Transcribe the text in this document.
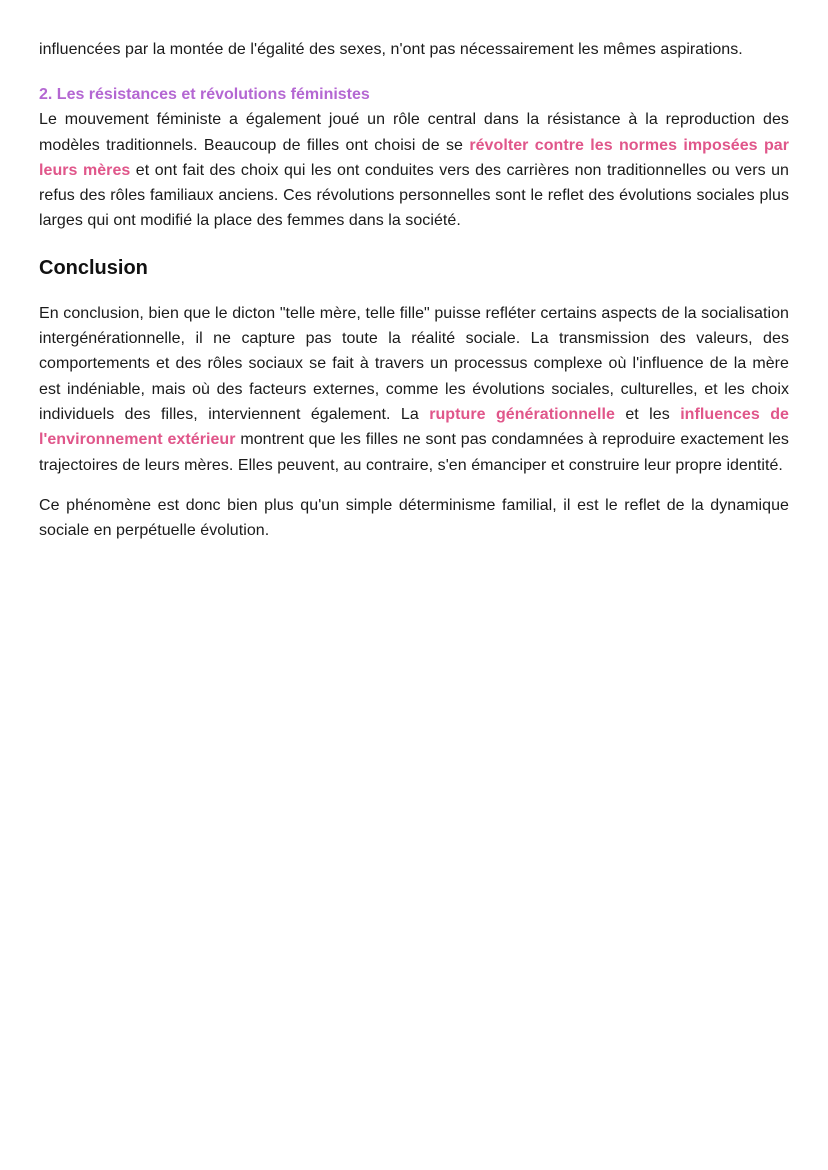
influencées par la montée de l'égalité des sexes, n'ont pas nécessairement les mêmes aspirations.

2. Les résistances et révolutions féministes

Le mouvement féministe a également joué un rôle central dans la résistance à la reproduction des modèles traditionnels. Beaucoup de filles ont choisi de se révolter contre les normes imposées par leurs mères et ont fait des choix qui les ont conduites vers des carrières non traditionnelles ou vers un refus des rôles familiaux anciens. Ces révolutions personnelles sont le reflet des évolutions sociales plus larges qui ont modifié la place des femmes dans la société.

Conclusion

En conclusion, bien que le dicton "telle mère, telle fille" puisse refléter certains aspects de la socialisation intergénérationnelle, il ne capture pas toute la réalité sociale. La transmission des valeurs, des comportements et des rôles sociaux se fait à travers un processus complexe où l'influence de la mère est indéniable, mais où des facteurs externes, comme les évolutions sociales, culturelles, et les choix individuels des filles, interviennent également. La rupture générationnelle et les influences de l'environnement extérieur montrent que les filles ne sont pas condamnées à reproduire exactement les trajectoires de leurs mères. Elles peuvent, au contraire, s'en émanciper et construire leur propre identité.

Ce phénomène est donc bien plus qu'un simple déterminisme familial, il est le reflet de la dynamique sociale en perpétuelle évolution.
